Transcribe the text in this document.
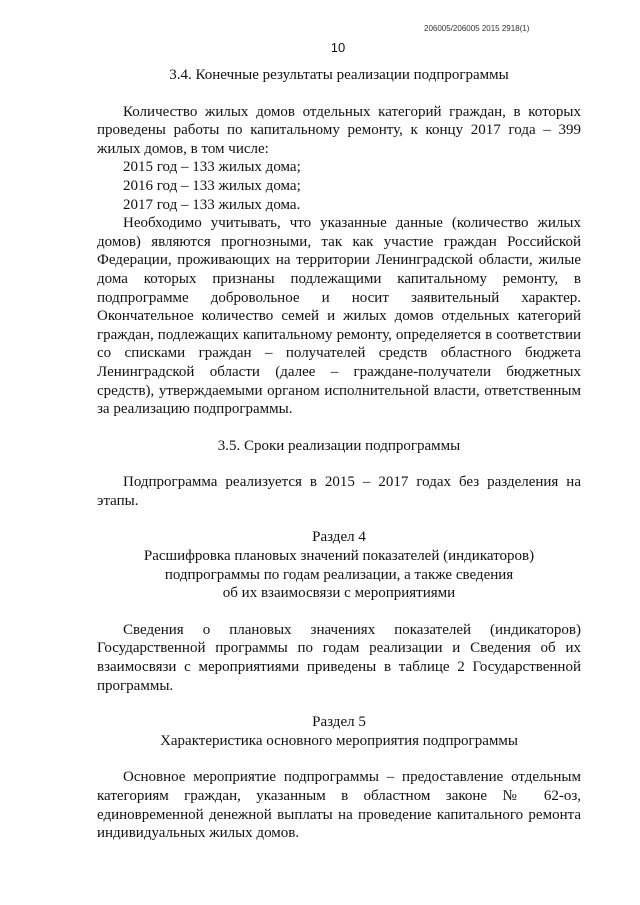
206005/206005 2015 2918(1)
10

3.4. Конечные результаты реализации подпрограммы

Количество жилых домов отдельных категорий граждан, в которых проведены работы по капитальному ремонту, к концу 2017 года – 399 жилых домов, в том числе:

2015 год – 133 жилых дома;

2016 год – 133 жилых дома;

2017 год – 133 жилых дома.

Необходимо учитывать, что указанные данные (количество жилых домов) являются прогнозными, так как участие граждан Российской Федерации, проживающих на территории Ленинградской области, жилые дома которых признаны подлежащими капитальному ремонту, в подпрограмме добровольное и носит заявительный характер. Окончательное количество семей и жилых домов отдельных категорий граждан, подлежащих капитальному ремонту, определяется в соответствии со списками граждан – получателей средств областного бюджета Ленинградской области (далее – граждане-получатели бюджетных средств), утверждаемыми органом исполнительной власти, ответственным за реализацию подпрограммы.

3.5. Сроки реализации подпрограммы

Подпрограмма реализуется в 2015 – 2017 годах без разделения на этапы.

Раздел 4

Расшифровка плановых значений показателей (индикаторов)

подпрограммы по годам реализации, а также сведения

об их взаимосвязи с мероприятиями

Сведения о плановых значениях показателей (индикаторов) Государственной программы по годам реализации и Сведения об их взаимосвязи с мероприятиями приведены в таблице 2 Государственной программы.

Раздел 5

Характеристика основного мероприятия подпрограммы

Основное мероприятие подпрограммы – предоставление отдельным категориям граждан, указанным в областном законе № 62-оз, единовременной денежной выплаты на проведение капитального ремонта индивидуальных жилых домов.
